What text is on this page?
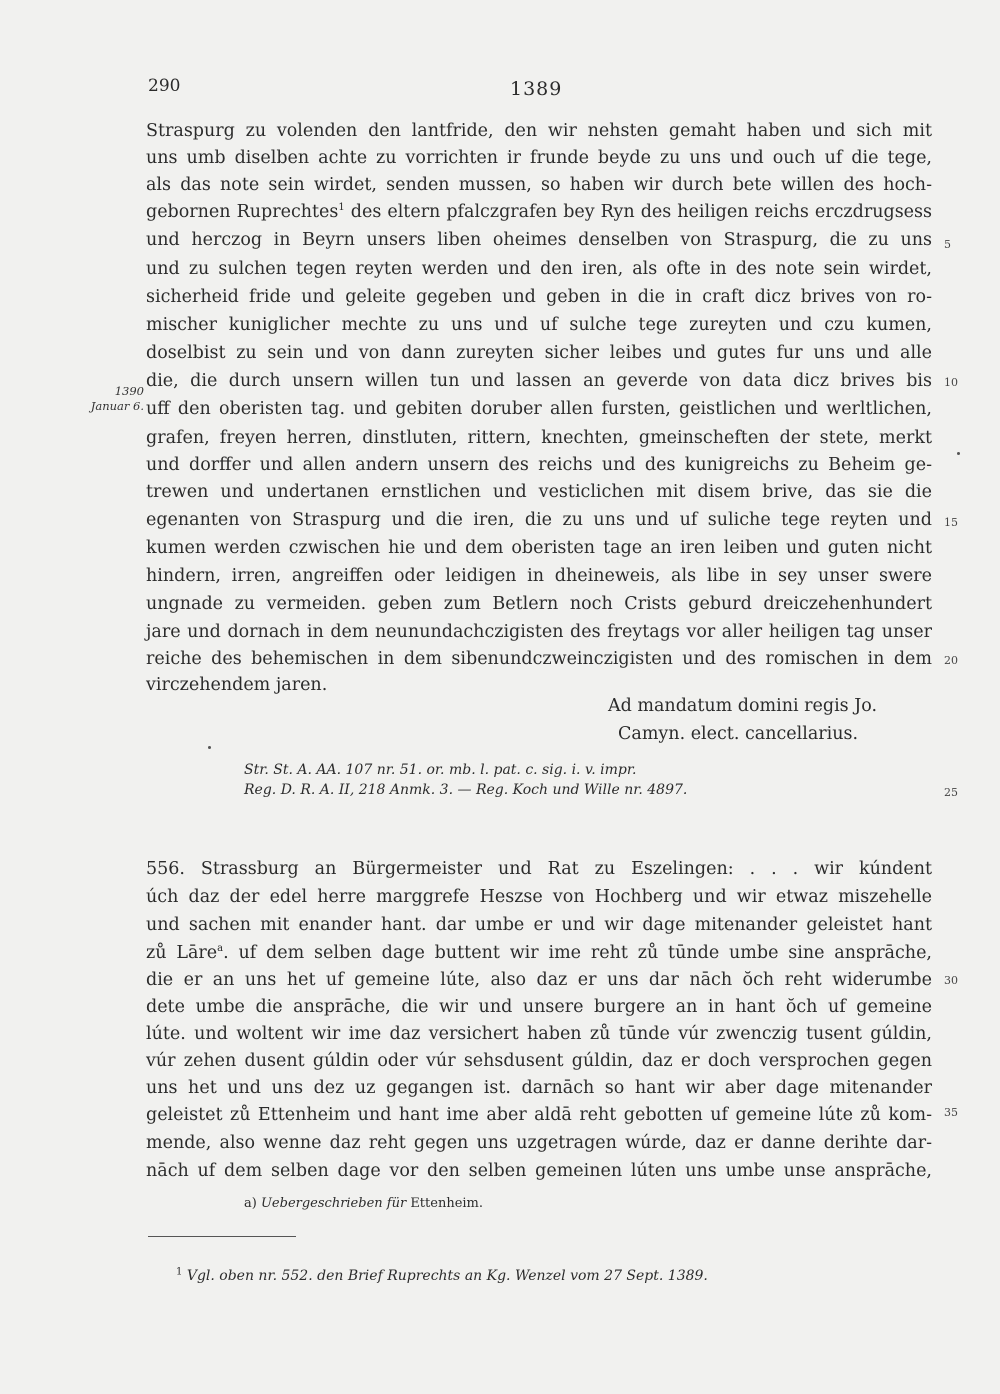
290	1389
Straspurg zu volenden den lantfride, den wir nehsten gemaht haben und sich mit
uns umb diselben achte zu vorrichten ir frunde beyde zu uns und ouch uf die tege,
als das note sein wirdet, senden mussen, so haben wir durch bete willen des hoch-
gebornen Ruprechtes$^1$ des eltern pfalczgrafen bey Ryn des heiligen reichs erczdrugsess
und herczog in Beyrn unsers liben oheimes denselben von Straspurg, die zu uns
und zu sulchen tegen reyten werden und den iren, als ofte in des note sein wirdet,
sicherheid fride und geleite gegeben und geben in die in craft dicz brives von ro-
mischer kuniglicher mechte zu uns und uf sulche tege zureyten und czu kumen,
doselbist zu sein und von dann zureyten sicher leibes und gutes fur uns und alle
die, die durch unsern willen tun und lassen an geverde von data dicz brives bis
uff den oberisten tag. und gebiten doruber allen fursten, geistlichen und werltlichen,
grafen, freyen herren, dinstluten, rittern, knechten, gmeinscheften der stete, merkt
und dorffer und allen andern unsern des reichs und des kunigreichs zu Beheim ge-
trewen und undertanen ernstlichen und vesticlichen mit disem brive, das sie die
egenanten von Straspurg und die iren, die zu uns und uf suliche tege reyten und
kumen werden czwischen hie und dem oberisten tage an iren leiben und guten nicht
hindern, irren, angreiffen oder leidigen in dheineweis, als libe in sey unser swere
ungnade zu vermeiden. geben zum Betlern noch Crists geburd dreiczehenhundert
jare und dornach in dem neunundachczigisten des freytags vor aller heiligen tag unser
reiche des behemischen in dem sibenundczweinczigisten und des romischen in dem
virczehendem jaren.
1390
Januar 6.
5
10
15
20
25
30
35
Ad mandatum domini regis Jo.
Camyn. elect. cancellarius.
Str. St. A. AA. 107 nr. 51. or. mb. l. pat. c. sig. i. v. impr.
Reg. D. R. A. II, 218 Anmk. 3. — Reg. Koch und Wille nr. 4897.
556. Strassburg an Bürgermeister und Rat zu Eszelingen: . . . wir kúndent
úch daz der edel herre marggrefe Heszse von Hochberg und wir etwaz miszehelle
und sachen mit enander hant. dar umbe er und wir dage mitenander geleistet hant
zů Lāre$^a$. uf dem selben dage buttent wir ime reht zů tūnde umbe sine ansprāche,
die er an uns het uf gemeine lúte, also daz er uns dar nāch ŏch reht widerumbe
dete umbe die ansprāche, die wir und unsere burgere an in hant ŏch uf gemeine
lúte. und woltent wir ime daz versichert haben zů tūnde vúr zwenczig tusent gúldin,
vúr zehen dusent gúldin oder vúr sehsdusent gúldin, daz er doch versprochen gegen
uns het und uns dez uz gegangen ist. darnāch so hant wir aber dage mitenander
geleistet zů Ettenheim und hant ime aber aldā reht gebotten uf gemeine lúte zů kom-
mende, also wenne daz reht gegen uns uzgetragen wúrde, daz er danne derihte dar-
nāch uf dem selben dage vor den selben gemeinen lúten uns umbe unse ansprāche,
a) Uebergeschrieben für Ettenheim.
$^1$ Vgl. oben nr. 552. den Brief Ruprechts an Kg. Wenzel vom 27 Sept. 1389.
